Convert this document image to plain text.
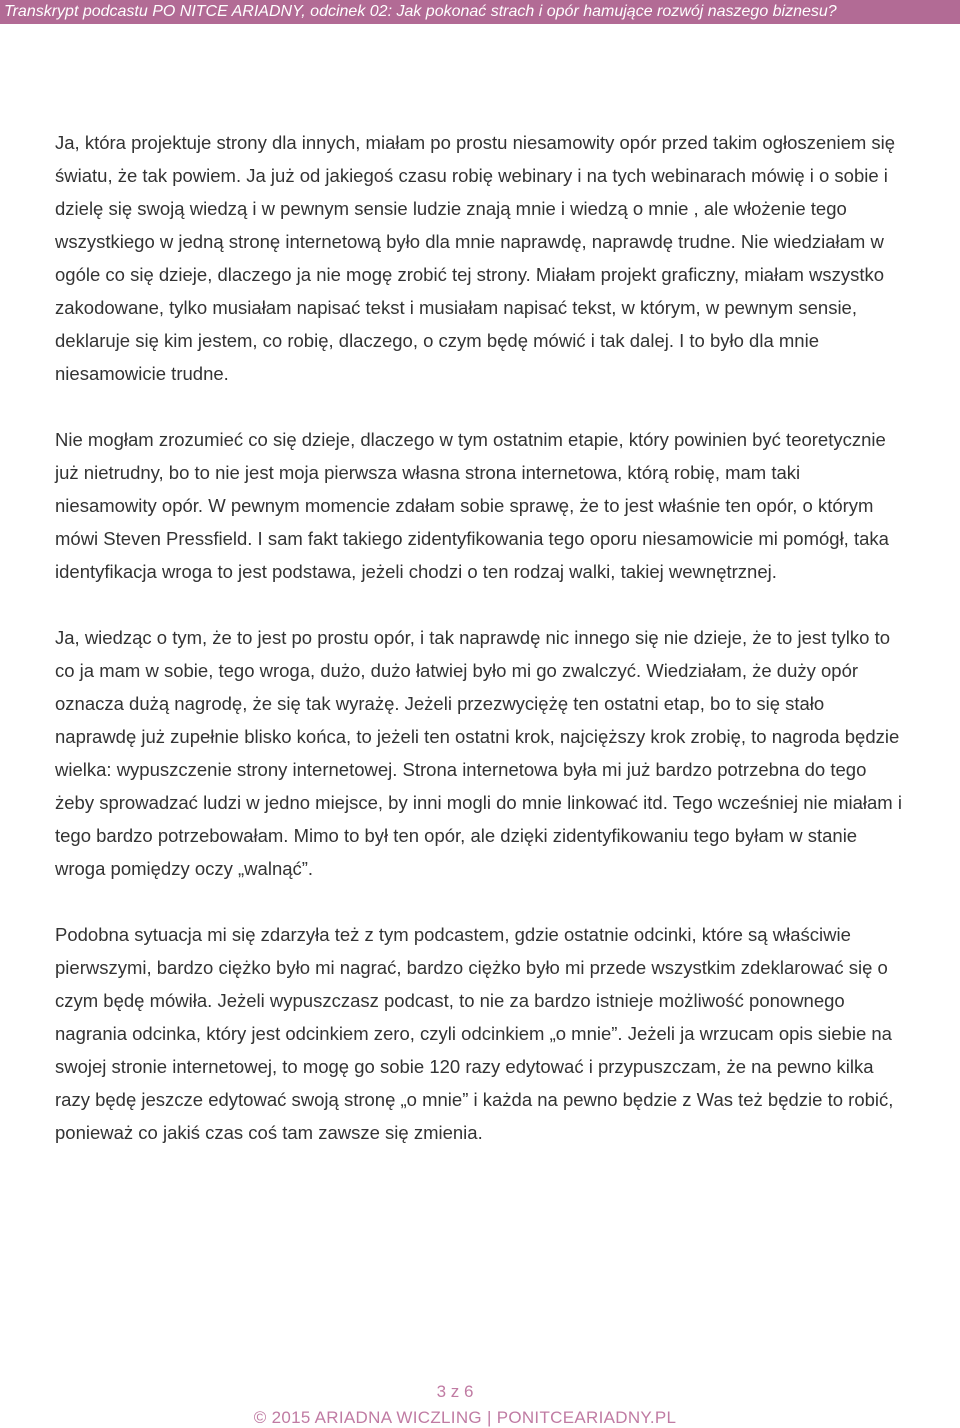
Transkrypt podcastu PO NITCE ARIADNY, odcinek 02: Jak pokonać strach i opór hamujące rozwój naszego biznesu?

Ja, która projektuje strony dla innych, miałam po prostu niesamowity opór przed takim ogłoszeniem się światu, że tak powiem. Ja już od jakiegoś czasu robię webinary i na tych webinarach mówię i o sobie i dzielę się swoją wiedzą i w pewnym sensie ludzie znają mnie i wiedzą o mnie , ale włożenie tego wszystkiego w jedną stronę internetową było dla mnie naprawdę, naprawdę trudne. Nie wiedziałam w ogóle co się dzieje, dlaczego ja nie mogę zrobić tej strony. Miałam projekt graficzny, miałam wszystko zakodowane, tylko musiałam napisać tekst i musiałam napisać tekst, w którym, w pewnym sensie, deklaruje się kim jestem, co robię, dlaczego, o czym będę mówić i tak dalej. I to było dla mnie niesamowicie trudne.

Nie mogłam zrozumieć co się dzieje, dlaczego w tym ostatnim etapie, który powinien być teoretycznie już nietrudny, bo to nie jest moja pierwsza własna strona internetowa, którą robię, mam taki niesamowity opór. W pewnym momencie zdałam sobie sprawę, że to jest właśnie ten opór, o którym mówi Steven Pressfield. I sam fakt takiego zidentyfikowania tego oporu niesamowicie mi pomógł, taka identyfikacja wroga to jest podstawa, jeżeli chodzi o ten rodzaj walki, takiej wewnętrznej.

Ja, wiedząc o tym, że to jest po prostu opór, i tak naprawdę nic innego się nie dzieje, że to jest tylko to co ja mam w sobie, tego wroga, dużo, dużo łatwiej było mi go zwalczyć. Wiedziałam, że duży opór oznacza dużą nagrodę, że się tak wyrażę. Jeżeli przezwyciężę ten ostatni etap, bo to się stało naprawdę już zupełnie blisko końca, to jeżeli ten ostatni krok, najcięższy krok zrobię, to nagroda będzie wielka: wypuszczenie strony internetowej. Strona internetowa była mi już bardzo potrzebna do tego żeby sprowadzać ludzi w jedno miejsce, by inni mogli do mnie linkować itd. Tego wcześniej nie miałam i tego bardzo potrzebowałam. Mimo to był ten opór, ale dzięki zidentyfikowaniu tego byłam w stanie wroga pomiędzy oczy „walnąć”.

Podobna sytuacja mi się zdarzyła też z tym podcastem, gdzie ostatnie odcinki, które są właściwie pierwszymi, bardzo ciężko było mi nagrać, bardzo ciężko było mi przede wszystkim zdeklarować się o czym będę mówiła. Jeżeli wypuszczasz podcast, to nie za bardzo istnieje możliwość ponownego nagrania odcinka, który jest odcinkiem zero, czyli odcinkiem „o mnie”. Jeżeli ja wrzucam opis siebie na swojej stronie internetowej, to mogę go sobie 120 razy edytować i przypuszczam, że na pewno kilka razy będę jeszcze edytować swoją stronę „o mnie” i każda na pewno będzie z Was też będzie to robić, ponieważ co jakiś czas coś tam zawsze się zmienia.

3 z 6
© 2015 ARIADNA WICZLING | PONITCEARIADNY.PL
